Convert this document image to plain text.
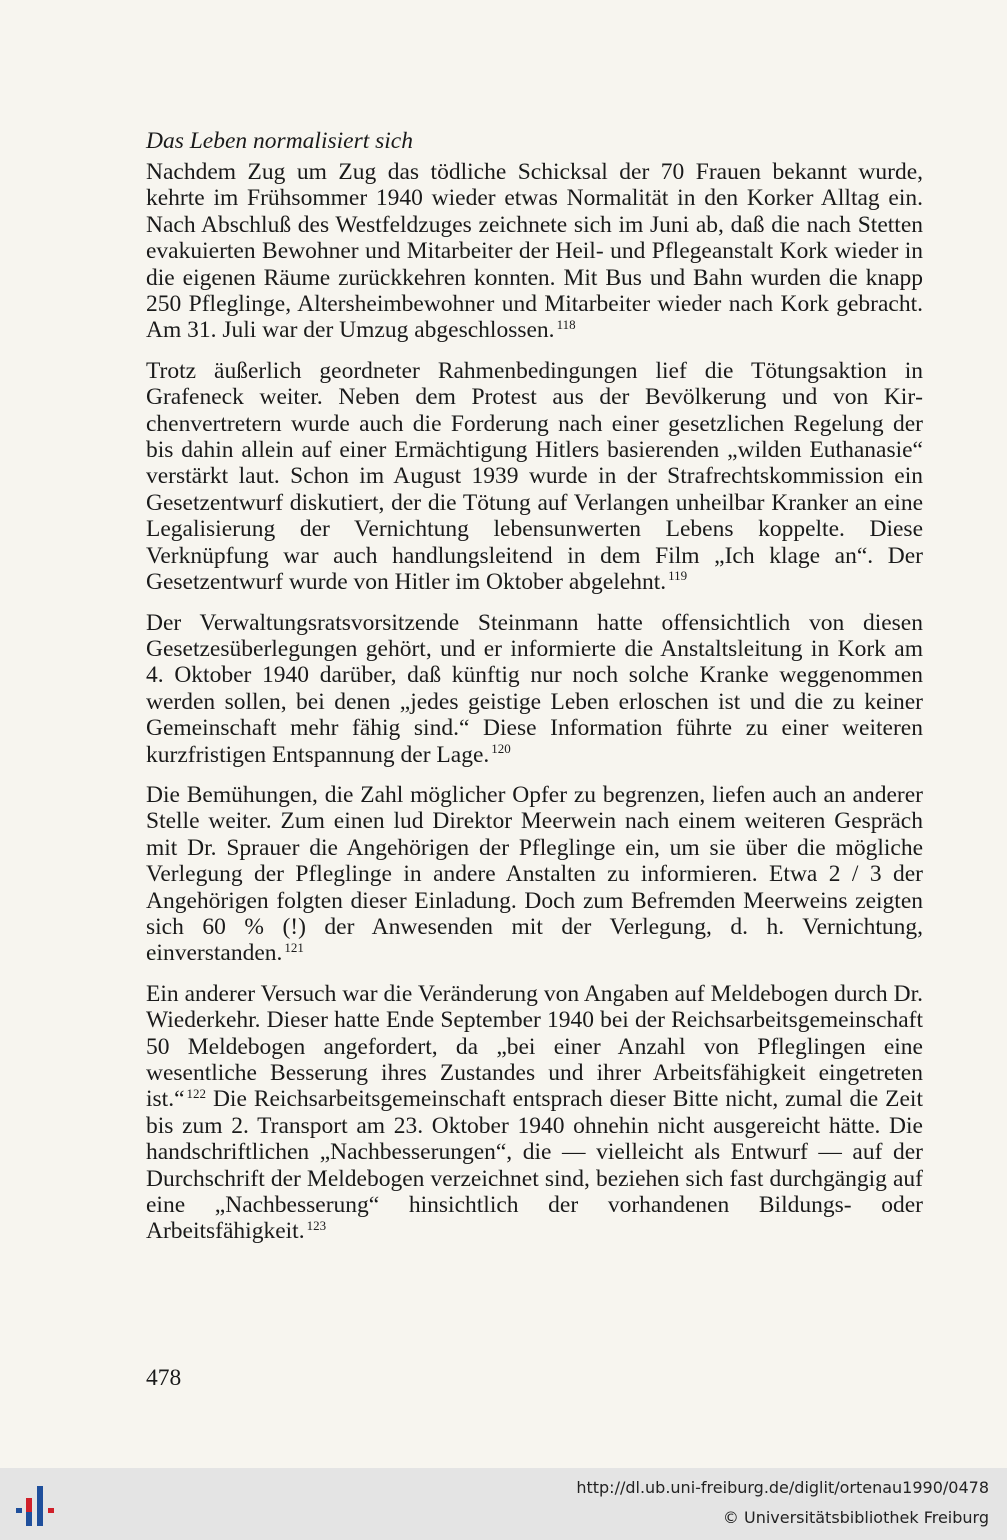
Das Leben normalisiert sich

Nachdem Zug um Zug das tödliche Schicksal der 70 Frauen bekannt wurde, kehrte im Frühsommer 1940 wieder etwas Normalität in den Korker Alltag ein. Nach Abschluß des Westfeldzuges zeichnete sich im Juni ab, daß die nach Stetten evakuierten Bewohner und Mitarbeiter der Heil- und Pflegeanstalt Kork wieder in die eigenen Räume zurückkehren konnten. Mit Bus und Bahn wurden die knapp 250 Pfleglinge, Altersheimbewohner und Mitarbeiter wieder nach Kork gebracht. Am 31. Juli war der Umzug abgeschlossen. $^{118}$

Trotz äußerlich geordneter Rahmenbedingungen lief die Tötungsaktion in Grafeneck weiter. Neben dem Protest aus der Bevölkerung und von Kirchenvertretern wurde auch die Forderung nach einer gesetzlichen Regelung der bis dahin allein auf einer Ermächtigung Hitlers basierenden „wilden Euthanasie“ verstärkt laut. Schon im August 1939 wurde in der Strafrechtskommission ein Gesetzentwurf diskutiert, der die Tötung auf Verlangen unheilbar Kranker an eine Legalisierung der Vernichtung lebensunwerten Lebens koppelte. Diese Verknüpfung war auch handlungsleitend in dem Film „Ich klage an“. Der Gesetzentwurf wurde von Hitler im Oktober abgelehnt. $^{119}$

Der Verwaltungsratsvorsitzende Steinmann hatte offensichtlich von diesen Gesetzesüberlegungen gehört, und er informierte die Anstaltsleitung in Kork am 4. Oktober 1940 darüber, daß künftig nur noch solche Kranke weggenommen werden sollen, bei denen „jedes geistige Leben erloschen ist und die zu keiner Gemeinschaft mehr fähig sind.“ Diese Information führte zu einer weiteren kurzfristigen Entspannung der Lage. $^{120}$

Die Bemühungen, die Zahl möglicher Opfer zu begrenzen, liefen auch an anderer Stelle weiter. Zum einen lud Direktor Meerwein nach einem weiteren Gespräch mit Dr. Sprauer die Angehörigen der Pfleglinge ein, um sie über die mögliche Verlegung der Pfleglinge in andere Anstalten zu informieren. Etwa 2 / 3 der Angehörigen folgten dieser Einladung. Doch zum Befremden Meerweins zeigten sich 60 % (!) der Anwesenden mit der Verlegung, d. h. Vernichtung, einverstanden. $^{121}$

Ein anderer Versuch war die Veränderung von Angaben auf Meldebogen durch Dr. Wiederkehr. Dieser hatte Ende September 1940 bei der Reichsarbeitsgemeinschaft 50 Meldebogen angefordert, da „bei einer Anzahl von Pfleglingen eine wesentliche Besserung ihres Zustandes und ihrer Arbeitsfähigkeit eingetreten ist.“ $^{122}$ Die Reichsarbeitsgemeinschaft entsprach dieser Bitte nicht, zumal die Zeit bis zum 2. Transport am 23. Oktober 1940 ohnehin nicht ausgereicht hätte. Die handschriftlichen „Nachbesserungen“, die — vielleicht als Entwurf — auf der Durchschrift der Meldebogen verzeichnet sind, beziehen sich fast durchgängig auf eine „Nachbesserung“ hinsichtlich der vorhandenen Bildungs- oder Arbeitsfähigkeit. $^{123}$

478
http://dl.ub.uni-freiburg.de/diglit/ortenau1990/0478
© Universitätsbibliothek Freiburg
